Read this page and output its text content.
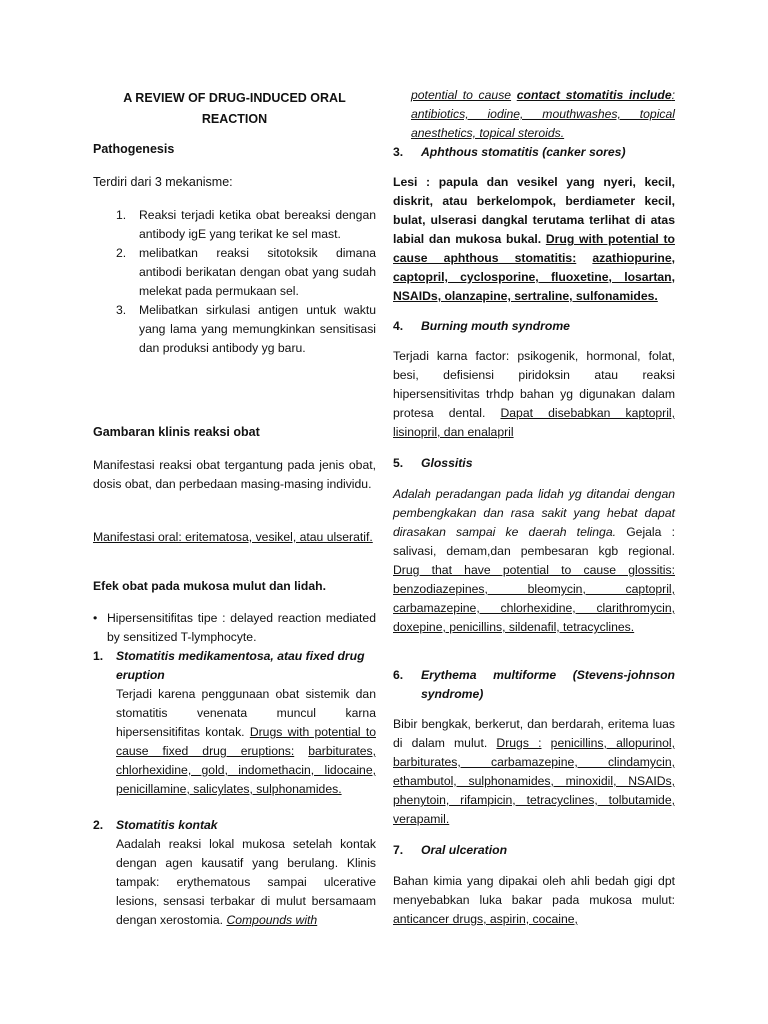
A REVIEW OF DRUG-INDUCED ORAL
REACTION

Pathogenesis

Terdiri dari 3 mekanisme:

1.	Reaksi terjadi ketika obat bereaksi dengan antibody igE yang terikat ke sel mast.
2.	melibatkan reaksi sitotoksik dimana antibodi berikatan dengan obat yang sudah melekat pada permukaan sel.
3.	Melibatkan sirkulasi antigen untuk waktu yang lama yang memungkinkan sensitisasi dan produksi antibody yg baru.

Gambaran klinis reaksi obat

Manifestasi reaksi obat tergantung pada jenis obat, dosis obat, dan perbedaan masing-masing individu.

Manifestasi oral: eritematosa, vesikel, atau ulseratif.

Efek obat pada mukosa mulut dan lidah.

• Hipersensitifitas tipe : delayed reaction mediated by sensitized T-lymphocyte.
1.	Stomatitis medikamentosa, atau fixed drug eruption

Terjadi karena penggunaan obat sistemik dan stomatitis venenata muncul karna hipersensitifitas kontak. Drugs with potential to cause fixed drug eruptions: barbiturates, chlorhexidine, gold, indomethacin, lidocaine, penicillamine, salicylates, sulphonamides.

2.	Stomatitis kontak

Aadalah reaksi lokal mukosa setelah kontak dengan agen kausatif yang berulang. Klinis tampak: erythematous sampai ulcerative lesions, sensasi terbakar di mulut bersamaam dengan xerostomia. Compounds with

potential to cause contact stomatitis include: antibiotics, iodine, mouthwashes, topical anesthetics, topical steroids.

3.	Aphthous stomatitis (canker sores)

Lesi : papula dan vesikel yang nyeri, kecil, diskrit, atau berkelompok, berdiameter kecil, bulat, ulserasi dangkal terutama terlihat di atas labial dan mukosa bukal. Drug with potential to cause aphthous stomatitis: azathiopurine, captopril, cyclosporine, fluoxetine, losartan, NSAIDs, olanzapine, sertraline, sulfonamides.

4.	Burning mouth syndrome

Terjadi karna factor: psikogenik, hormonal, folat, besi, defisiensi piridoksin atau reaksi hipersensitivitas trhdp bahan yg digunakan dalam protesa dental. Dapat disebabkan kaptopril, lisinopril, dan enalapril

5.	Glossitis

Adalah peradangan pada lidah yg ditandai dengan pembengkakan dan rasa sakit yang hebat dapat dirasakan sampai ke daerah telinga. Gejala : salivasi, demam,dan pembesaran kgb regional. Drug that have potential to cause glossitis: benzodiazepines, bleomycin, captopril, carbamazepine, chlorhexidine, clarithromycin, doxepine, penicillins, sildenafil, tetracyclines.

6.	Erythema multiforme (Stevens-johnson syndrome)

Bibir bengkak, berkerut, dan berdarah, eritema luas di dalam mulut. Drugs : penicillins, allopurinol, barbiturates, carbamazepine, clindamycin, ethambutol, sulphonamides, minoxidil, NSAIDs, phenytoin, rifampicin, tetracyclines, tolbutamide, verapamil.

7.	Oral ulceration

Bahan kimia yang dipakai oleh ahli bedah gigi dpt menyebabkan luka bakar pada mukosa mulut: anticancer drugs, aspirin, cocaine,
